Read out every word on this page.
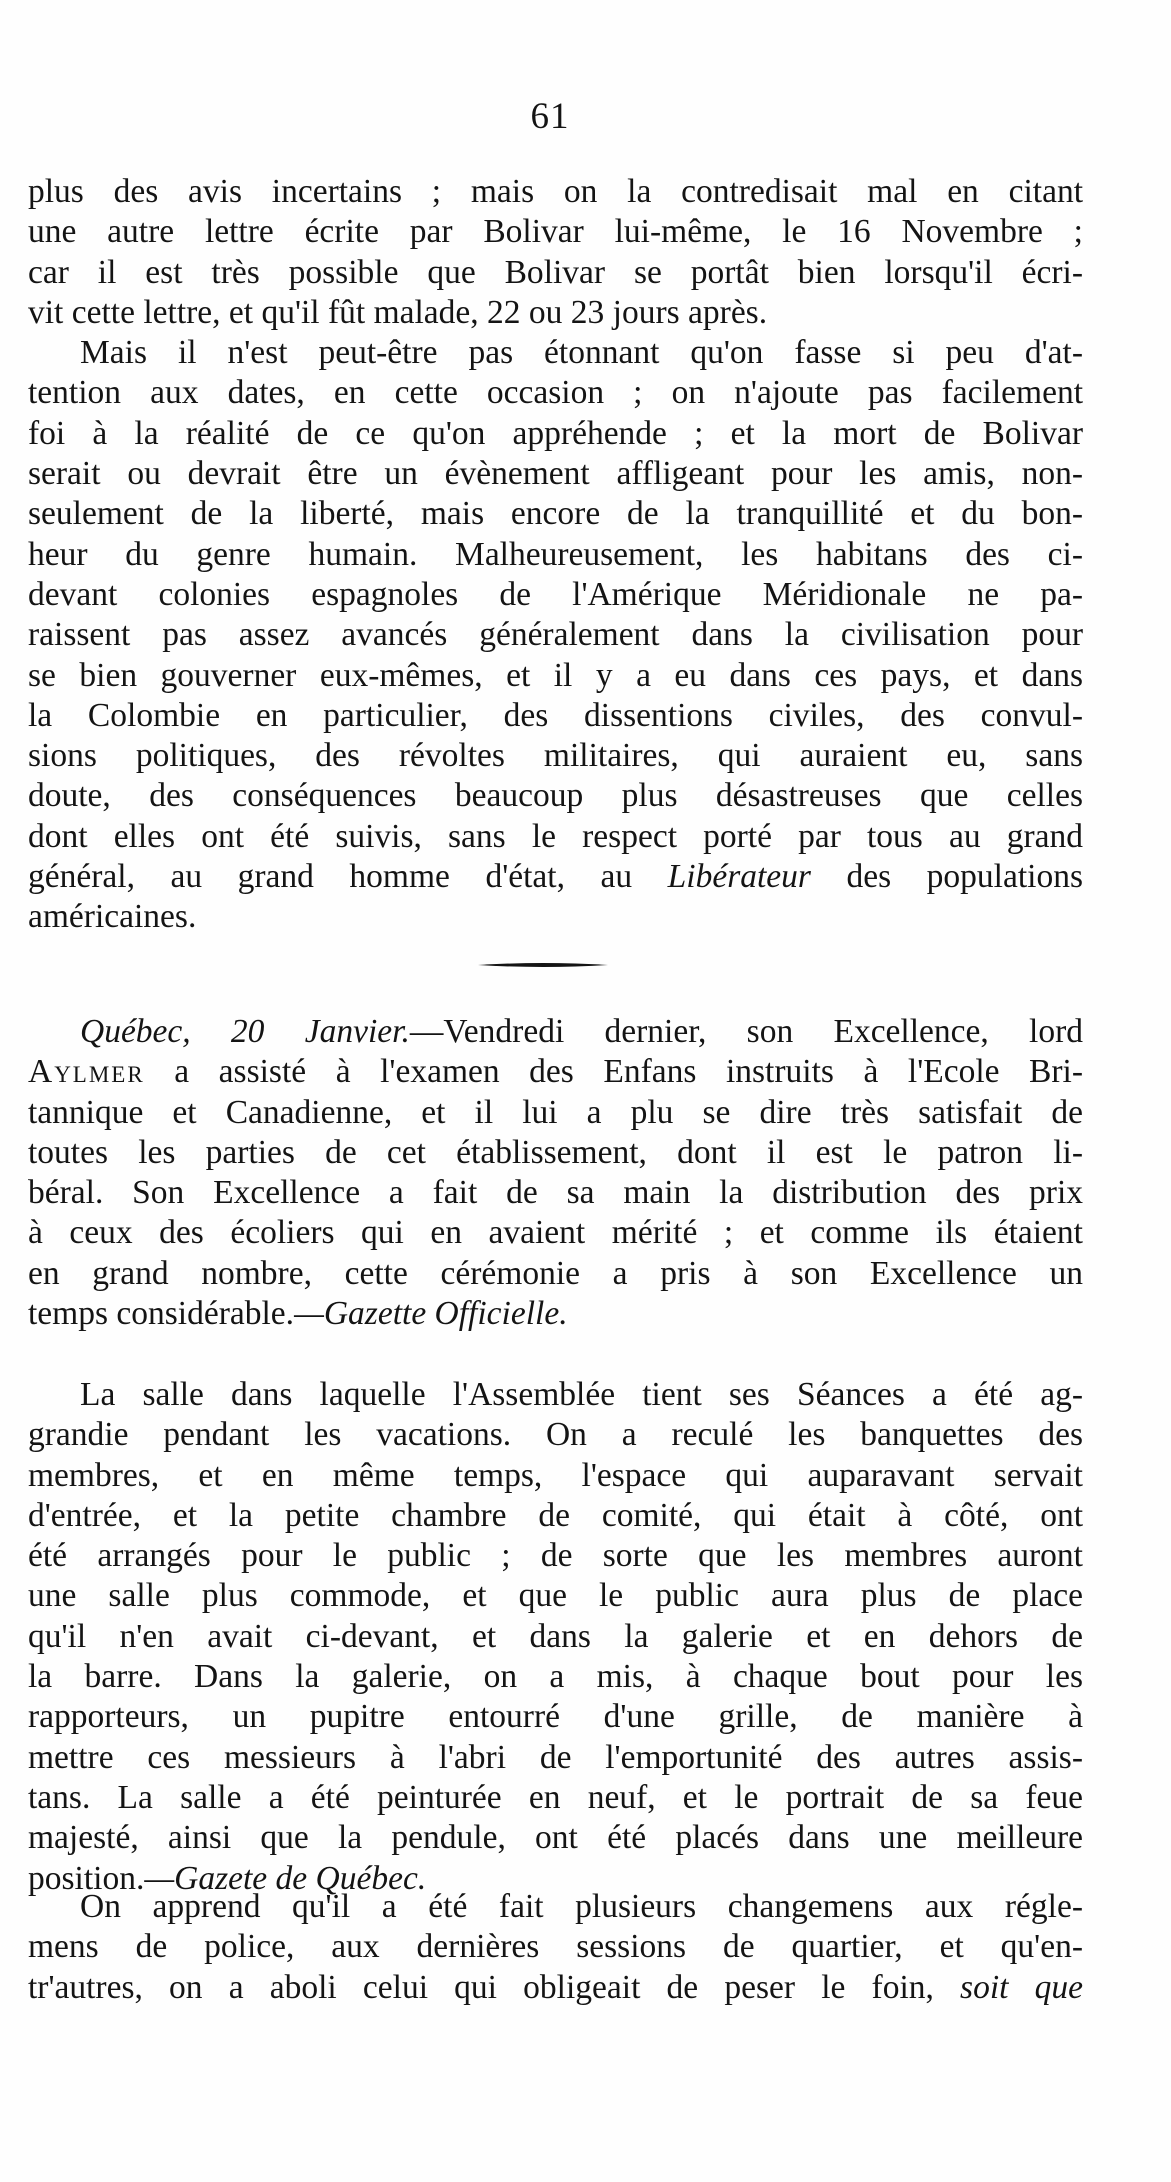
61
plus des avis incertains ; mais on la contredisait mal en citant
une autre lettre écrite par Bolivar lui-même, le 16 Novembre ;
car il est très possible que Bolivar se portât bien lorsqu'il écri-
vit cette lettre, et qu'il fût malade, 22 ou 23 jours après.
Mais il n'est peut-être pas étonnant qu'on fasse si peu d'at-
tention aux dates, en cette occasion ; on n'ajoute pas facilement
foi à la réalité de ce qu'on appréhende ; et la mort de Bolivar
serait ou devrait être un évènement affligeant pour les amis, non-
seulement de la liberté, mais encore de la tranquillité et du bon-
heur du genre humain. Malheureusement, les habitans des ci-
devant colonies espagnoles de l'Amérique Méridionale ne pa-
raissent pas assez avancés généralement dans la civilisation pour
se bien gouverner eux-mêmes, et il y a eu dans ces pays, et dans
la Colombie en particulier, des dissentions civiles, des convul-
sions politiques, des révoltes militaires, qui auraient eu, sans
doute, des conséquences beaucoup plus désastreuses que celles
dont elles ont été suivis, sans le respect porté par tous au grand
général, au grand homme d'état, au Libérateur des populations
américaines.
Québec, 20 Janvier.—Vendredi dernier, son Excellence, lord
Aylmer a assisté à l'examen des Enfans instruits à l'Ecole Bri-
tannique et Canadienne, et il lui a plu se dire très satisfait de
toutes les parties de cet établissement, dont il est le patron li-
béral. Son Excellence a fait de sa main la distribution des prix
à ceux des écoliers qui en avaient mérité ; et comme ils étaient
en grand nombre, cette cérémonie a pris à son Excellence un
temps considérable.—Gazette Officielle.
La salle dans laquelle l'Assemblée tient ses Séances a été ag-
grandie pendant les vacations. On a reculé les banquettes des
membres, et en même temps, l'espace qui auparavant servait
d'entrée, et la petite chambre de comité, qui était à côté, ont
été arrangés pour le public ; de sorte que les membres auront
une salle plus commode, et que le public aura plus de place
qu'il n'en avait ci-devant, et dans la galerie et en dehors de
la barre. Dans la galerie, on a mis, à chaque bout pour les
rapporteurs, un pupitre entourré d'une grille, de manière à
mettre ces messieurs à l'abri de l'emportunité des autres assis-
tans. La salle a été peinturée en neuf, et le portrait de sa feue
majesté, ainsi que la pendule, ont été placés dans une meilleure
position.—Gazete de Québec.
On apprend qu'il a été fait plusieurs changemens aux régle-
mens de police, aux dernières sessions de quartier, et qu'en-
tr'autres, on a aboli celui qui obligeait de peser le foin, soit que
